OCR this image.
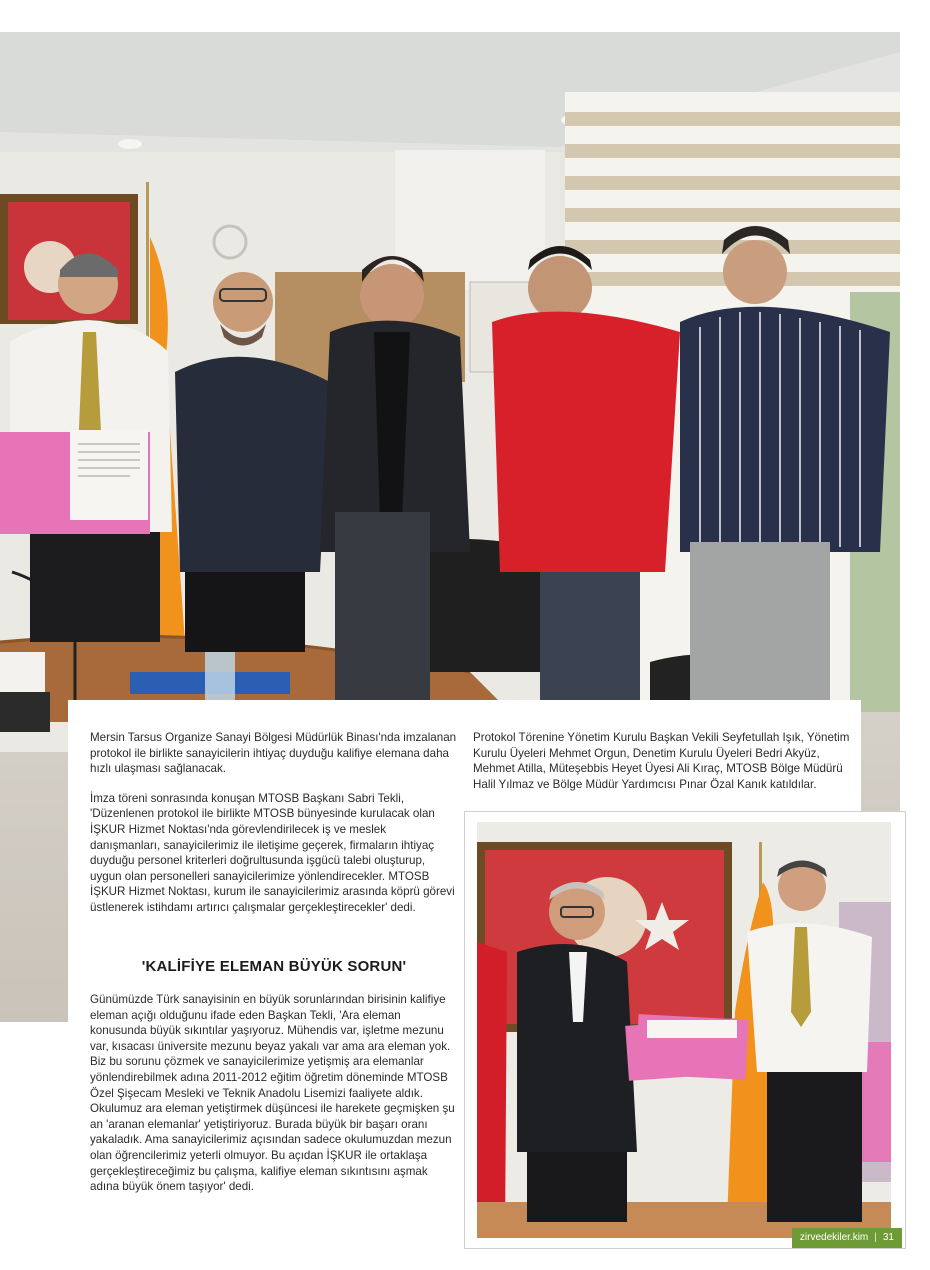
Mersin Tarsus Organize Sanayi Bölgesi Müdürlük Binası'nda imzalanan protokol ile birlikte sanayicilerin ihtiyaç duyduğu kalifiye elemana daha hızlı ulaşması sağlanacak.

İmza töreni sonrasında konuşan MTOSB Başkanı Sabri Tekli, 'Düzenlenen protokol ile birlikte MTOSB bünyesinde kurulacak olan İŞKUR Hizmet Noktası'nda görevlendirilecek iş ve meslek danışmanları, sanayicilerimiz ile iletişime geçerek, firmaların ihtiyaç duyduğu personel kriterleri doğrultusunda işgücü talebi oluşturup, uygun olan personelleri sanayicilerimize yönlendirecekler. MTOSB İŞKUR Hizmet Noktası, kurum ile sanayicilerimiz arasında köprü görevi üstlenerek istihdamı artırıcı çalışmalar gerçekleştirecekler' dedi.

'KALİFİYE ELEMAN BÜYÜK SORUN'

Günümüzde Türk sanayisinin en büyük sorunlarından birisinin kalifiye eleman açığı olduğunu ifade eden Başkan Tekli, 'Ara eleman konusunda büyük sıkıntılar yaşıyoruz. Mühendis var, işletme mezunu var, kısacası üniversite mezunu beyaz yakalı var ama ara eleman yok. Biz bu sorunu çözmek ve sanayicilerimize yetişmiş ara elemanlar yönlendirebilmek adına 2011-2012 eğitim öğretim döneminde MTOSB Özel Şişecam Mesleki ve Teknik Anadolu Lisemizi faaliyete aldık. Okulumuz ara eleman yetiştirmek düşüncesi ile harekete geçmişken şu an 'aranan elemanlar' yetiştiriyoruz. Burada büyük bir başarı oranı yakaladık. Ama sanayicilerimiz açısından sadece okulumuzdan mezun olan öğrencilerimiz yeterli olmuyor. Bu açıdan İŞKUR ile ortaklaşa gerçekleştireceğimiz bu çalışma, kalifiye eleman sıkıntısını aşmak adına büyük önem taşıyor' dedi.

Protokol Törenine Yönetim Kurulu Başkan Vekili Seyfetullah Işık, Yönetim Kurulu Üyeleri Mehmet Orgun, Denetim Kurulu Üyeleri Bedri Akyüz, Mehmet Atilla, Müteşebbis Heyet Üyesi Ali Kıraç, MTOSB Bölge Müdürü Halil Yılmaz ve Bölge Müdür Yardımcısı Pınar Özal Kanık katıldılar.

zirvedekiler.kim | 31
